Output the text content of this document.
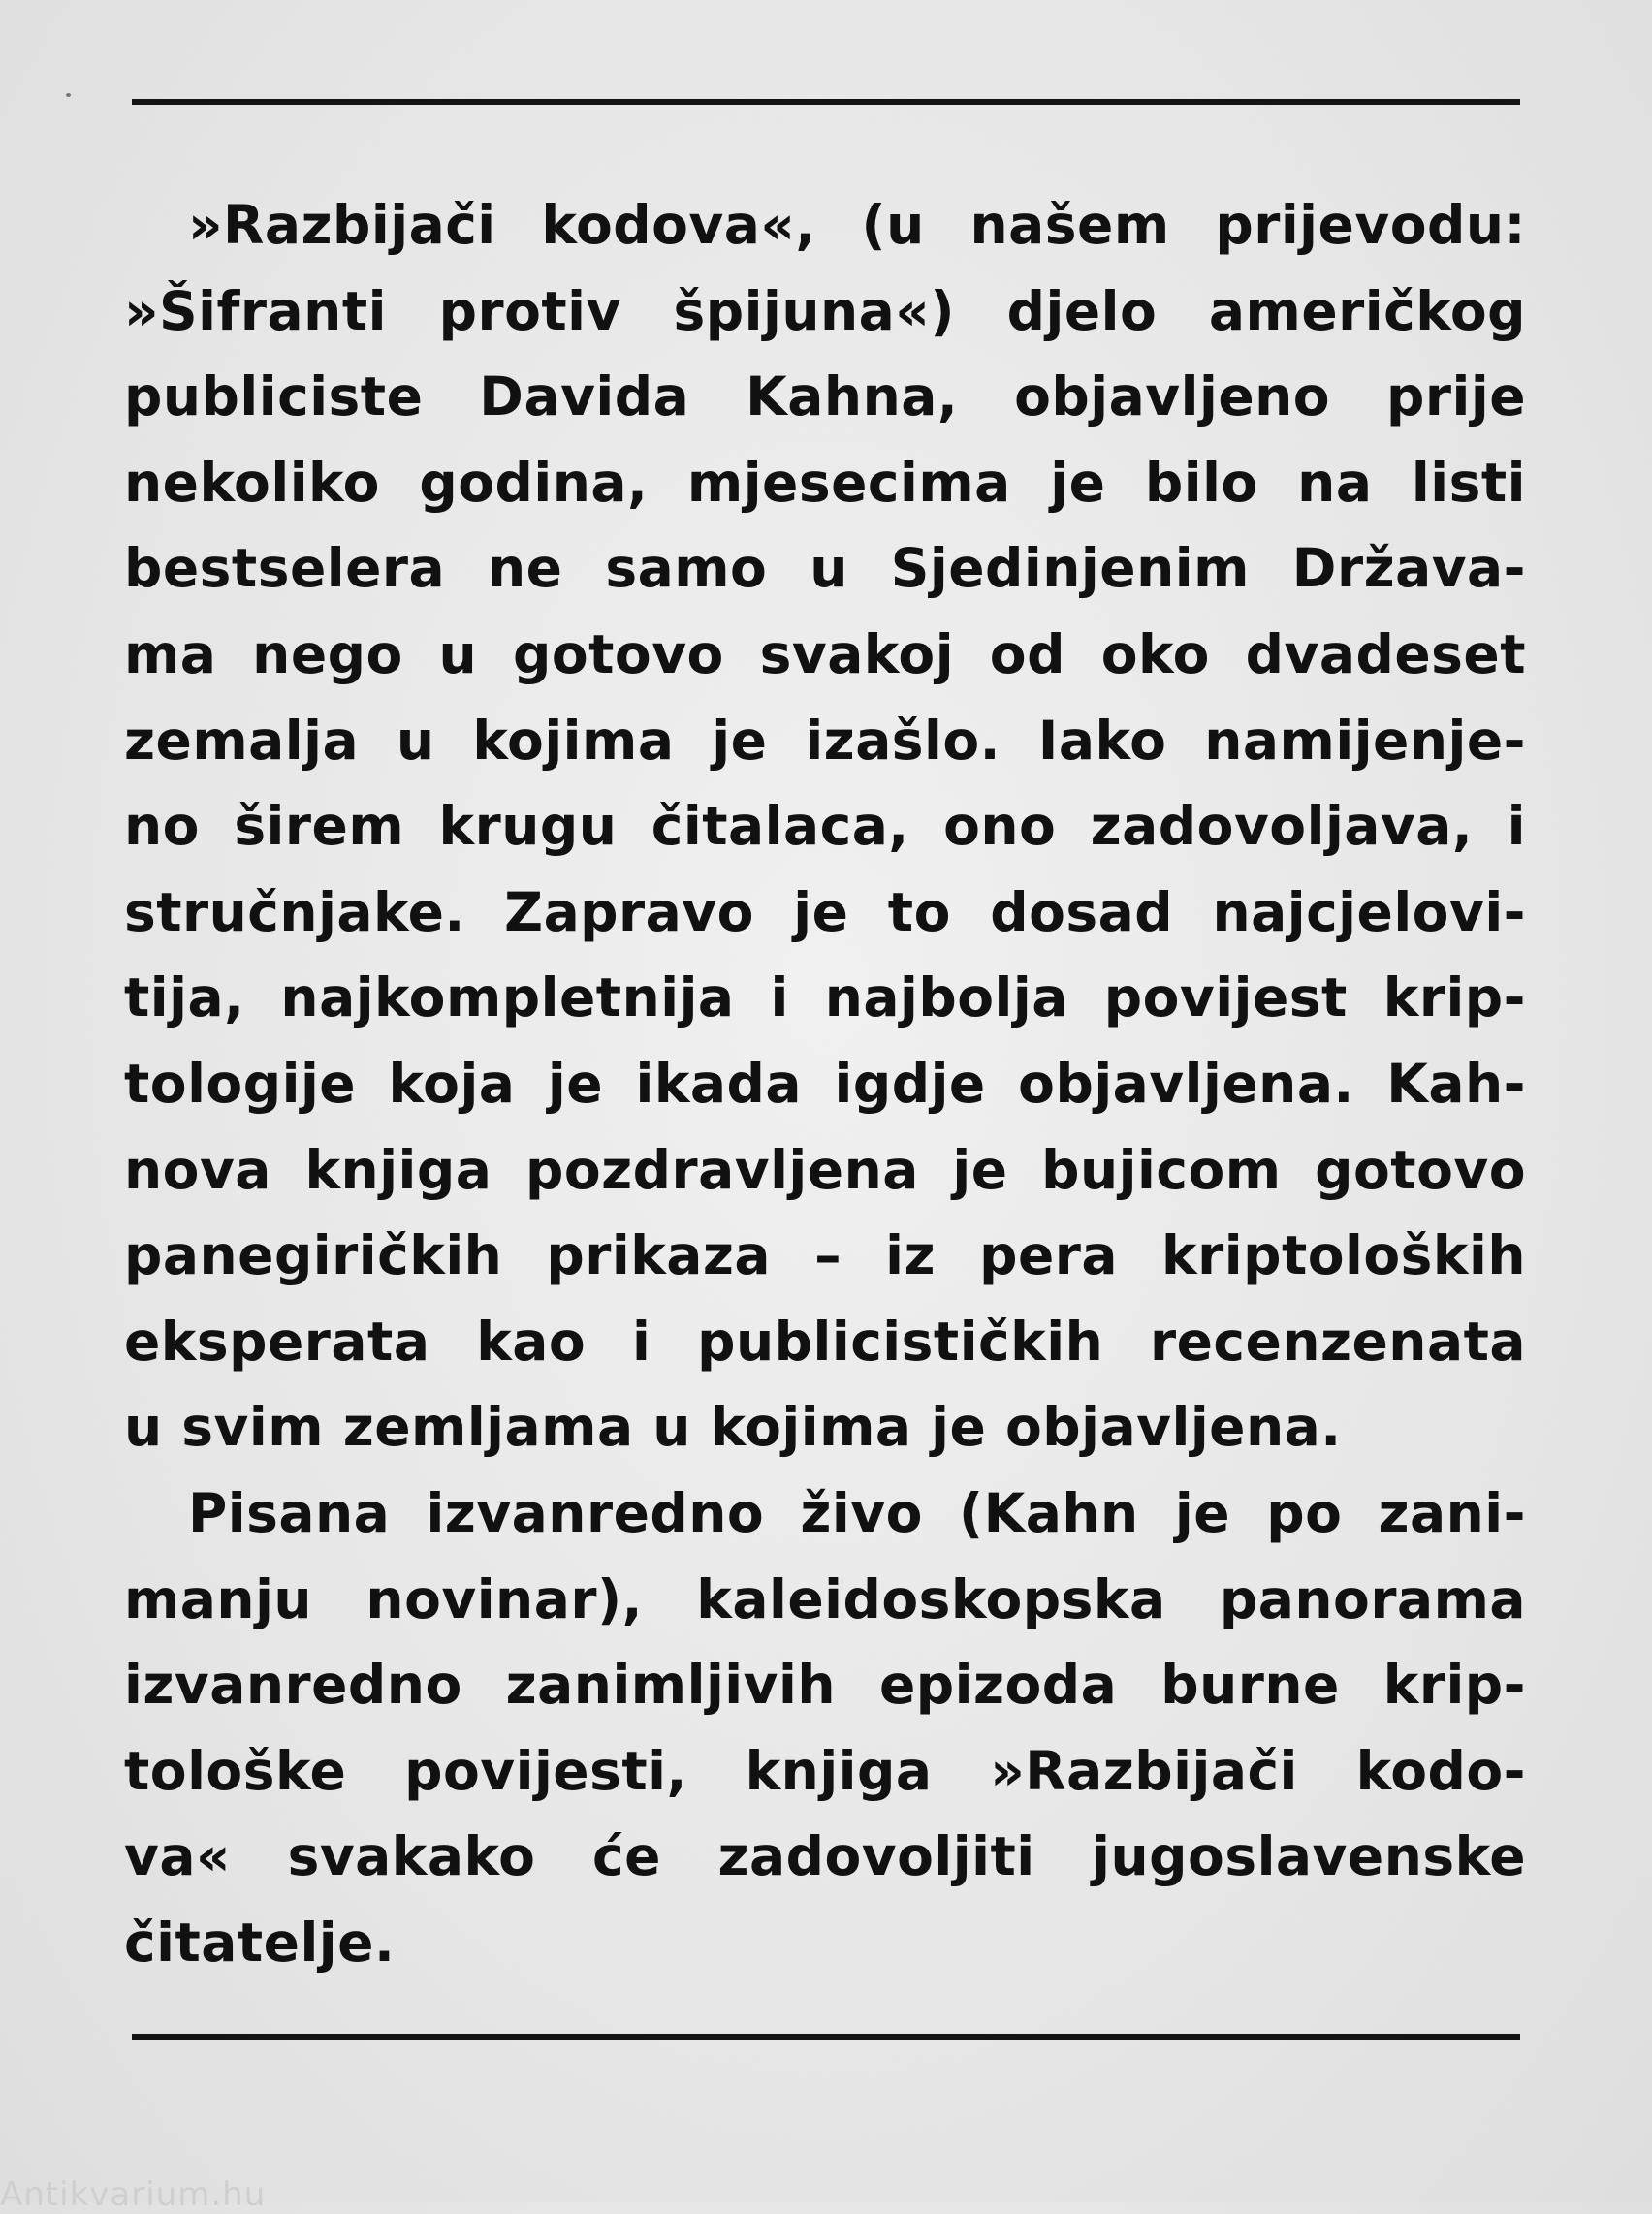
»Razbijači kodova«, (u našem prijevodu:
»Šifranti protiv špijuna«) djelo američkog
publiciste Davida Kahna, objavljeno prije
nekoliko godina, mjesecima je bilo na listi
bestselera ne samo u Sjedinjenim Država-
ma nego u gotovo svakoj od oko dvadeset
zemalja u kojima je izašlo. Iako namijenje-
no širem krugu čitalaca, ono zadovoljava, i
stručnjake. Zapravo je to dosad najcjelovi-
tija, najkompletnija i najbolja povijest krip-
tologije koja je ikada igdje objavljena. Kah-
nova knjiga pozdravljena je bujicom gotovo
panegiričkih prikaza – iz pera kriptoloških
eksperata kao i publicističkih recenzenata
u svim zemljama u kojima je objavljena.
Pisana izvanredno živo (Kahn je po zani-
manju novinar), kaleidoskopska panorama
izvanredno zanimljivih epizoda burne krip-
tološke povijesti, knjiga »Razbijači kodo-
va« svakako će zadovoljiti jugoslavenske
čitatelje.
Antikvarium.hu
